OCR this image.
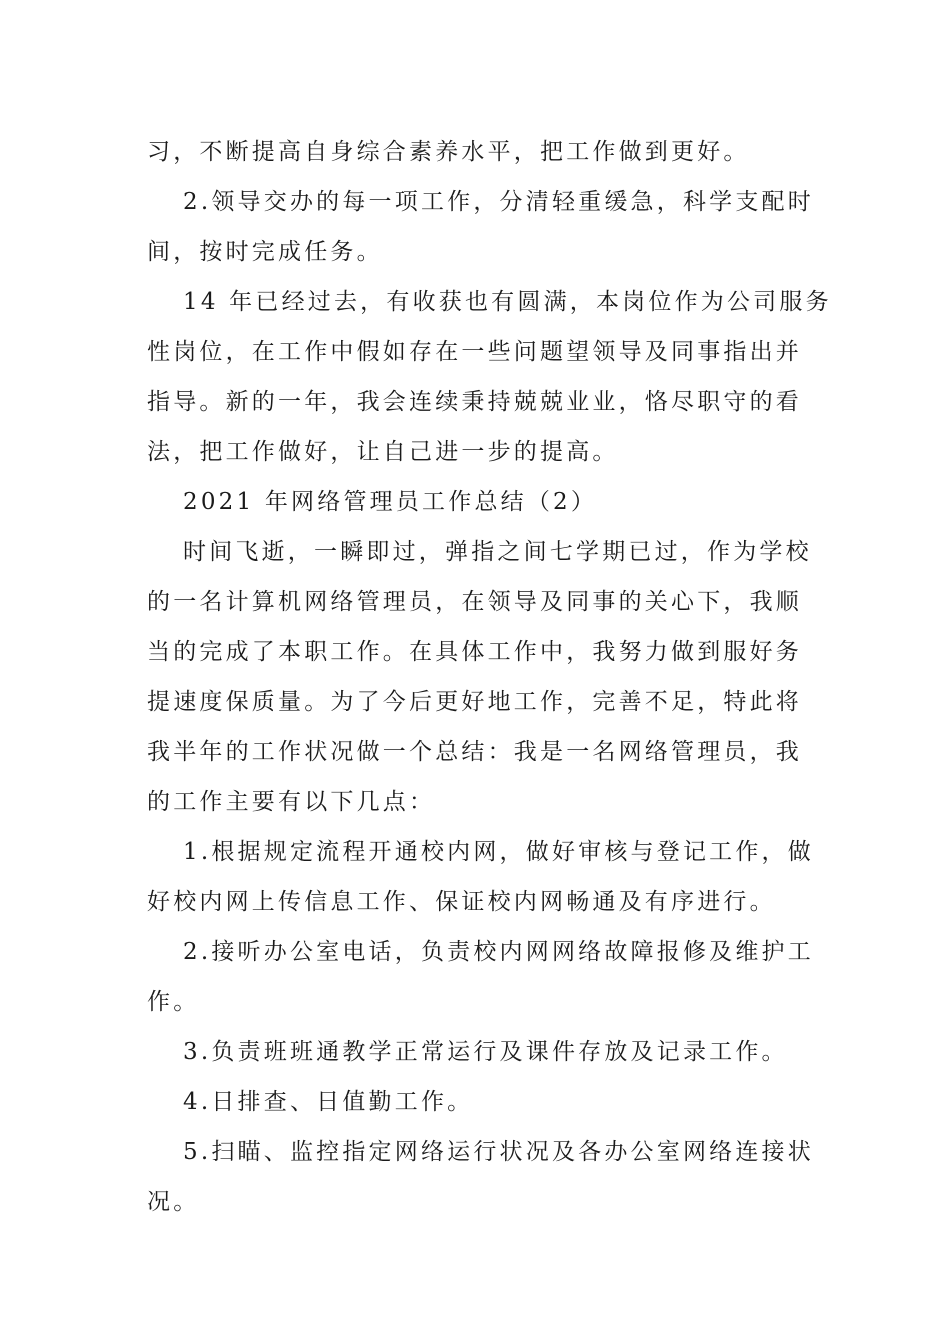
习，不断提高自身综合素养水平，把工作做到更好。

2.领导交办的每一项工作，分清轻重缓急，科学支配时
间，按时完成任务。

14 年已经过去，有收获也有圆满，本岗位作为公司服务
性岗位，在工作中假如存在一些问题望领导及同事指出并
指导。新的一年，我会连续秉持兢兢业业，恪尽职守的看
法，把工作做好，让自己进一步的提高。

2021 年网络管理员工作总结（2）

时间飞逝，一瞬即过，弹指之间七学期已过，作为学校
的一名计算机网络管理员，在领导及同事的关心下，我顺
当的完成了本职工作。在具体工作中，我努力做到服好务
提速度保质量。为了今后更好地工作，完善不足，特此将
我半年的工作状况做一个总结：我是一名网络管理员，我
的工作主要有以下几点：

1.根据规定流程开通校内网，做好审核与登记工作，做
好校内网上传信息工作、保证校内网畅通及有序进行。

2.接听办公室电话，负责校内网网络故障报修及维护工
作。

3.负责班班通教学正常运行及课件存放及记录工作。

4.日排查、日值勤工作。

5.扫瞄、监控指定网络运行状况及各办公室网络连接状
况。
